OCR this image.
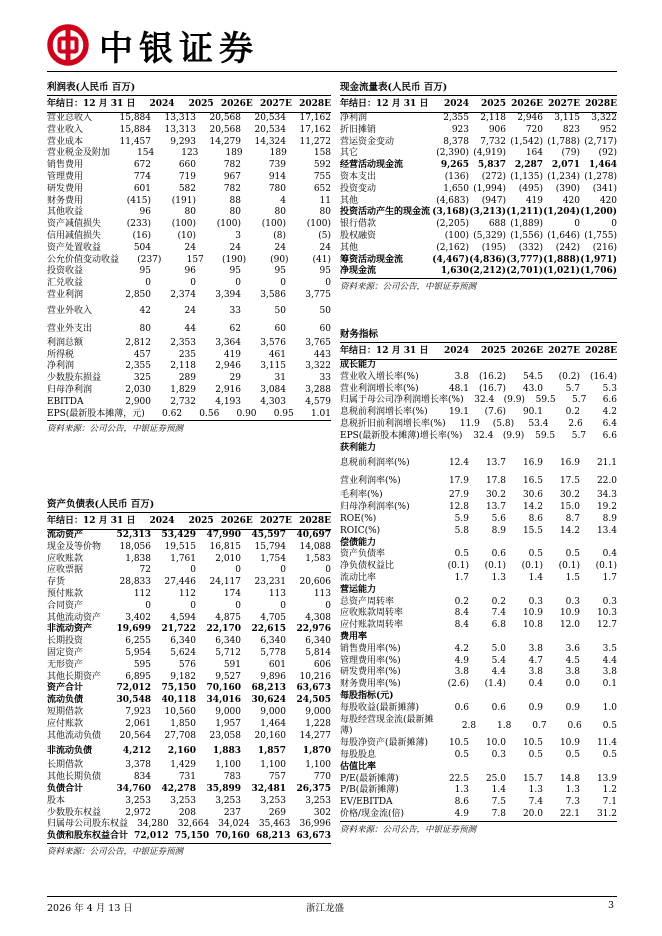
中银证券
利润表(人民币 百万)
年结日：12 月 31 日	2024	2025 2026E 2027E 2028E
营业总收入	15,884	13,313	20,568	20,534	17,162
营业收入	15,884	13,313	20,568	20,534	17,162
营业成本	11,457	9,293	14,279	14,324	11,272
营业税金及附加	154	123	189	189	158
销售费用	672	660	782	739	592
管理费用	774	719	967	914	755
研发费用	601	582	782	780	652
财务费用	(415)	(191)	88	4	11
其他收益	96	80	80	80	80
资产减值损失	(233)	(100)	(100)	(100)	(100)
信用减值损失	(16)	(10)	3	(8)	(5)
资产处置收益	504	24	24	24	24
公允价值变动收益	(237)	157	(190)	(90)	(41)
投资收益	95	96	95	95	95
汇兑收益	0	0	0	0	0
营业利润	2,850	2,374	3,394	3,586	3,775
营业外收入	42	24	33	50	50
营业外支出	80	44	62	60	60
利润总额	2,812	2,353	3,364	3,576	3,765
所得税	457	235	419	461	443
净利润	2,355	2,118	2,946	3,115	3,322
少数股东损益	325	289	29	31	33
归母净利润	2,030	1,829	2,916	3,084	3,288
EBITDA	2,900	2,732	4,193	4,303	4,579
EPS(最新股本摊薄，元)	0.62	0.56	0.90	0.95	1.01
资料来源：公司公告，中银证券预测
资产负债表(人民币 百万)
年结日：12 月 31 日	2024	2025 2026E 2027E 2028E
流动资产	52,313	53,429	47,990	45,597	40,697
现金及等价物	18,056	19,515	16,815	15,794	14,088
应收账款	1,838	1,761	2,010	1,754	1,583
应收票据	72	0	0	0	0
存货	28,833	27,446	24,117	23,231	20,606
预付账款	112	112	174	113	113
合同资产	0	0	0	0	0
其他流动资产	3,402	4,594	4,875	4,705	4,308
非流动资产	19,699	21,722	22,170	22,615	22,976
长期投资	6,255	6,340	6,340	6,340	6,340
固定资产	5,954	5,624	5,712	5,778	5,814
无形资产	595	576	591	601	606
其他长期资产	6,895	9,182	9,527	9,896	10,216
资产合计	72,012	75,150	70,160	68,213	63,673
流动负债	30,548	40,118	34,016	30,624	24,505
短期借款	7,923	10,560	9,000	9,000	9,000
应付账款	2,061	1,850	1,957	1,464	1,228
其他流动负债	20,564	27,708	23,058	20,160	14,277
非流动负债	4,212	2,160	1,883	1,857	1,870
长期借款	3,378	1,429	1,100	1,100	1,100
其他长期负债	834	731	783	757	770
负债合计	34,760	42,278	35,899	32,481	26,375
股本	3,253	3,253	3,253	3,253	3,253
少数股东权益	2,972	208	237	269	302
归属母公司股东权益	34,280	32,664	34,024	35,463	36,996
负债和股东权益合计 72,012 75,150 70,160 68,213 63,673
资料来源：公司公告，中银证券预测
现金流量表(人民币 百万)
年结日：12 月 31 日	2024	2025 2026E 2027E 2028E
净利润	2,355	2,118	2,946	3,115	3,322
折旧摊销	923	906	720	823	952
营运资金变动	8,378	7,732 (1,542) (1,788) (2,717)
其它	(2,390) (4,919)	164	(79)	(92)
经营活动现金流	9,265 5,837 2,287 2,071 1,464
资本支出	(136)	(272) (1,135) (1,234) (1,278)
投资变动	1,650 (1,994)	(495)	(390)	(341)
其他	(4,683)	(947)	419	420	420
投资活动产生的现金流 (3,168) (3,213) (1,211) (1,204) (1,200)
银行借款	(2,205)	688 (1,889)	0	0
股权融资	(100) (5,329) (1,556) (1,646) (1,755)
其他	(2,162)	(195)	(332)	(242)	(216)
筹资活动现金流	(4,467) (4,836) (3,777) (1,888) (1,971)
净现金流	1,630 (2,212) (2,701) (1,021) (1,706)
资料来源：公司公告，中银证券预测
财务指标
年结日：12 月 31 日	2024	2025 2026E 2027E 2028E
成长能力
营业收入增长率(%)	3.8	(16.2)	54.5	(0.2)	(16.4)
营业利润增长率(%)	48.1	(16.7)	43.0	5.7	5.3
归属于母公司净利润增长率(%)	32.4	(9.9)	59.5	5.7	6.6
息税前利润增长率(%)	19.1	(7.6)	90.1	0.2	4.2
息税折旧前利润增长率(%)	11.9	(5.8)	53.4	2.6	6.4
EPS(最新股本摊薄)增长率(%)	32.4	(9.9)	59.5	5.7	6.6
获利能力
息税前利润率(%)	12.4	13.7	16.9	16.9	21.1
营业利润率(%)	17.9	17.8	16.5	17.5	22.0
毛利率(%)	27.9	30.2	30.6	30.2	34.3
归母净利润率(%)	12.8	13.7	14.2	15.0	19.2
ROE(%)	5.9	5.6	8.6	8.7	8.9
ROIC(%)	5.8	8.9	15.5	14.2	13.4
偿债能力
资产负债率	0.5	0.6	0.5	0.5	0.4
净负债权益比	(0.1)	(0.1)	(0.1)	(0.1)	(0.1)
流动比率	1.7	1.3	1.4	1.5	1.7
营运能力
总资产周转率	0.2	0.2	0.3	0.3	0.3
应收账款周转率	8.4	7.4	10.9	10.9	10.3
应付账款周转率	8.4	6.8	10.8	12.0	12.7
费用率
销售费用率(%)	4.2	5.0	3.8	3.6	3.5
管理费用率(%)	4.9	5.4	4.7	4.5	4.4
研发费用率(%)	3.8	4.4	3.8	3.8	3.8
财务费用率(%)	(2.6)	(1.4)	0.4	0.0	0.1
每股指标(元)
每股收益(最新摊薄)	0.6	0.6	0.9	0.9	1.0
每股经营现金流(最新摊薄)
2.8	1.8	0.7	0.6	0.5
每股净资产(最新摊薄)	10.5	10.0	10.5	10.9	11.4
每股股息	0.5	0.3	0.5	0.5	0.5
估值比率
P/E(最新摊薄)	22.5	25.0	15.7	14.8	13.9
P/B(最新摊薄)	1.3	1.4	1.3	1.3	1.2
EV/EBITDA	8.6	7.5	7.4	7.3	7.1
价格/现金流(倍)	4.9	7.8	20.0	22.1	31.2
资料来源：公司公告，中银证券预测
2026 年 4 月 13 日	浙江龙盛	3
